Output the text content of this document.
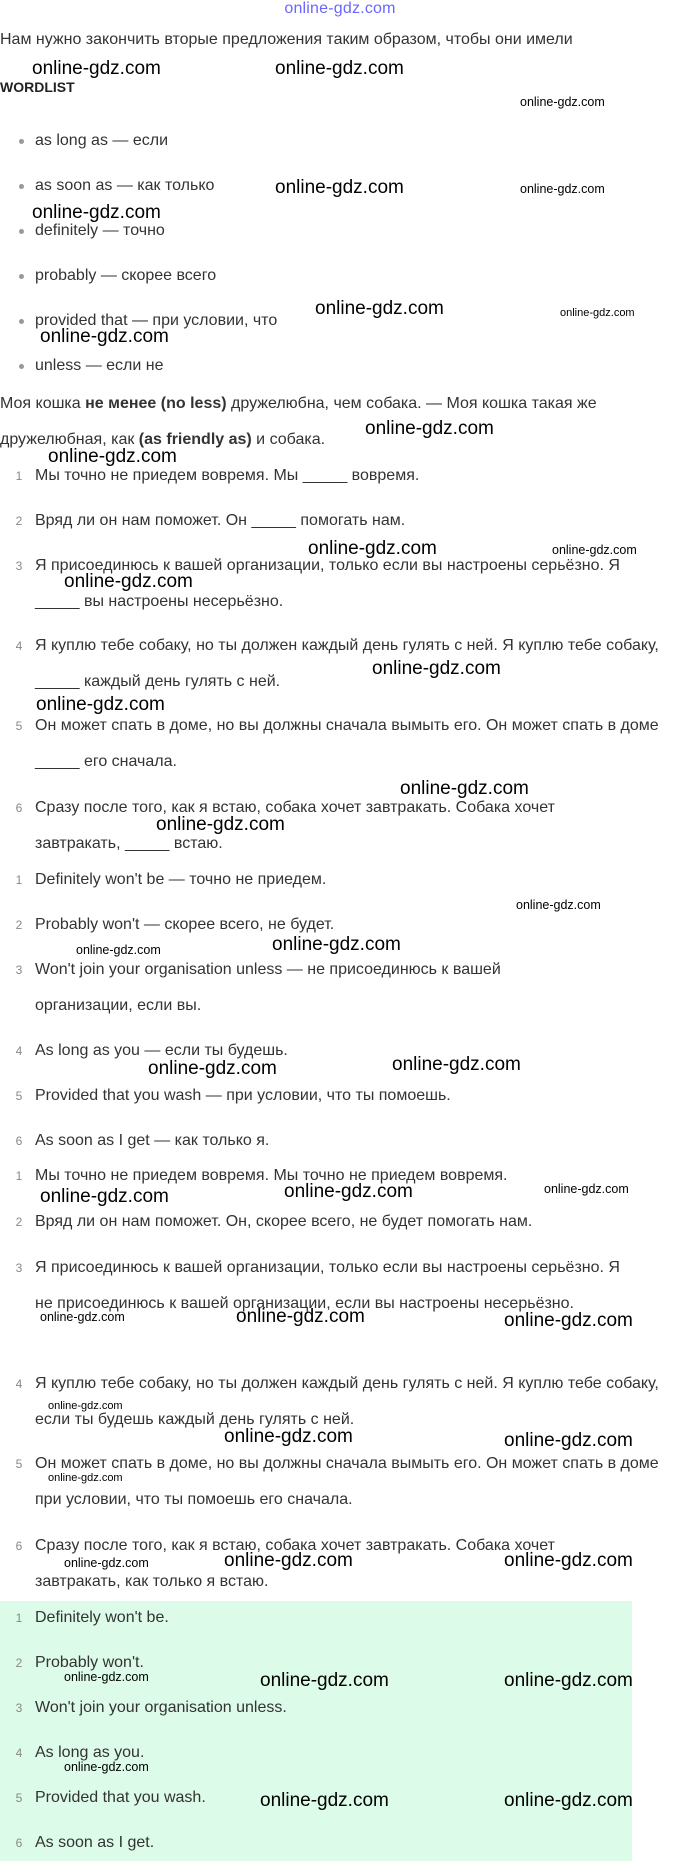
online-gdz.com
Нам нужно закончить вторые предложения таким образом, чтобы они имели
WORDLIST
as long as — если
as soon as — как только
definitely — точно
probably — скорее всего
provided that — при условии, что
unless — если не
Моя кошка не менее (no less) дружелюбна, чем собака. — Моя кошка такая же дружелюбная, как (as friendly as) и собака.
1 Мы точно не приедем вовремя. Мы _____ вовремя.
2 Вряд ли он нам поможет. Он _____ помогать нам.
3 Я присоединюсь к вашей организации, только если вы настроены серьёзно. Я _____ вы настроены несерьёзно.
4 Я куплю тебе собаку, но ты должен каждый день гулять с ней. Я куплю тебе собаку, _____ каждый день гулять с ней.
5 Он может спать в доме, но вы должны сначала вымыть его. Он может спать в доме _____ его сначала.
6 Сразу после того, как я встаю, собака хочет завтракать. Собака хочет завтракать, _____ встаю.
1 Definitely won't be — точно не приедем.
2 Probably won't — скорее всего, не будет.
3 Won't join your organisation unless — не присоединюсь к вашей организации, если вы.
4 As long as you — если ты будешь.
5 Provided that you wash — при условии, что ты помоешь.
6 As soon as I get — как только я.
1 Мы точно не приедем вовремя. Мы точно не приедем вовремя.
2 Вряд ли он нам поможет. Он, скорее всего, не будет помогать нам.
3 Я присоединюсь к вашей организации, только если вы настроены серьёзно. Я не присоединюсь к вашей организации, если вы настроены несерьёзно.
4 Я куплю тебе собаку, но ты должен каждый день гулять с ней. Я куплю тебе собаку, если ты будешь каждый день гулять с ней.
5 Он может спать в доме, но вы должны сначала вымыть его. Он может спать в доме при условии, что ты помоешь его сначала.
6 Сразу после того, как я встаю, собака хочет завтракать. Собака хочет завтракать, как только я встаю.
1 Definitely won't be.
2 Probably won't.
3 Won't join your organisation unless.
4 As long as you.
5 Provided that you wash.
6 As soon as I get.
online-gdz.com	online-gdz.com
online-gdz.com
online-gdz.com	online-gdz.com
online-gdz.com
online-gdz.com	online-gdz.com
online-gdz.com
online-gdz.com
online-gdz.com
online-gdz.com	online-gdz.com
online-gdz.com
online-gdz.com
online-gdz.com
online-gdz.com
online-gdz.com
online-gdz.com
online-gdz.com
online-gdz.com
online-gdz.com
online-gdz.com
online-gdz.com	online-gdz.com	online-gdz.com
online-gdz.com	online-gdz.com	online-gdz.com
online-gdz.com
online-gdz.com	online-gdz.com
online-gdz.com
online-gdz.com	online-gdz.com	online-gdz.com
online-gdz.com	online-gdz.com	online-gdz.com
online-gdz.com
online-gdz.com	online-gdz.com
